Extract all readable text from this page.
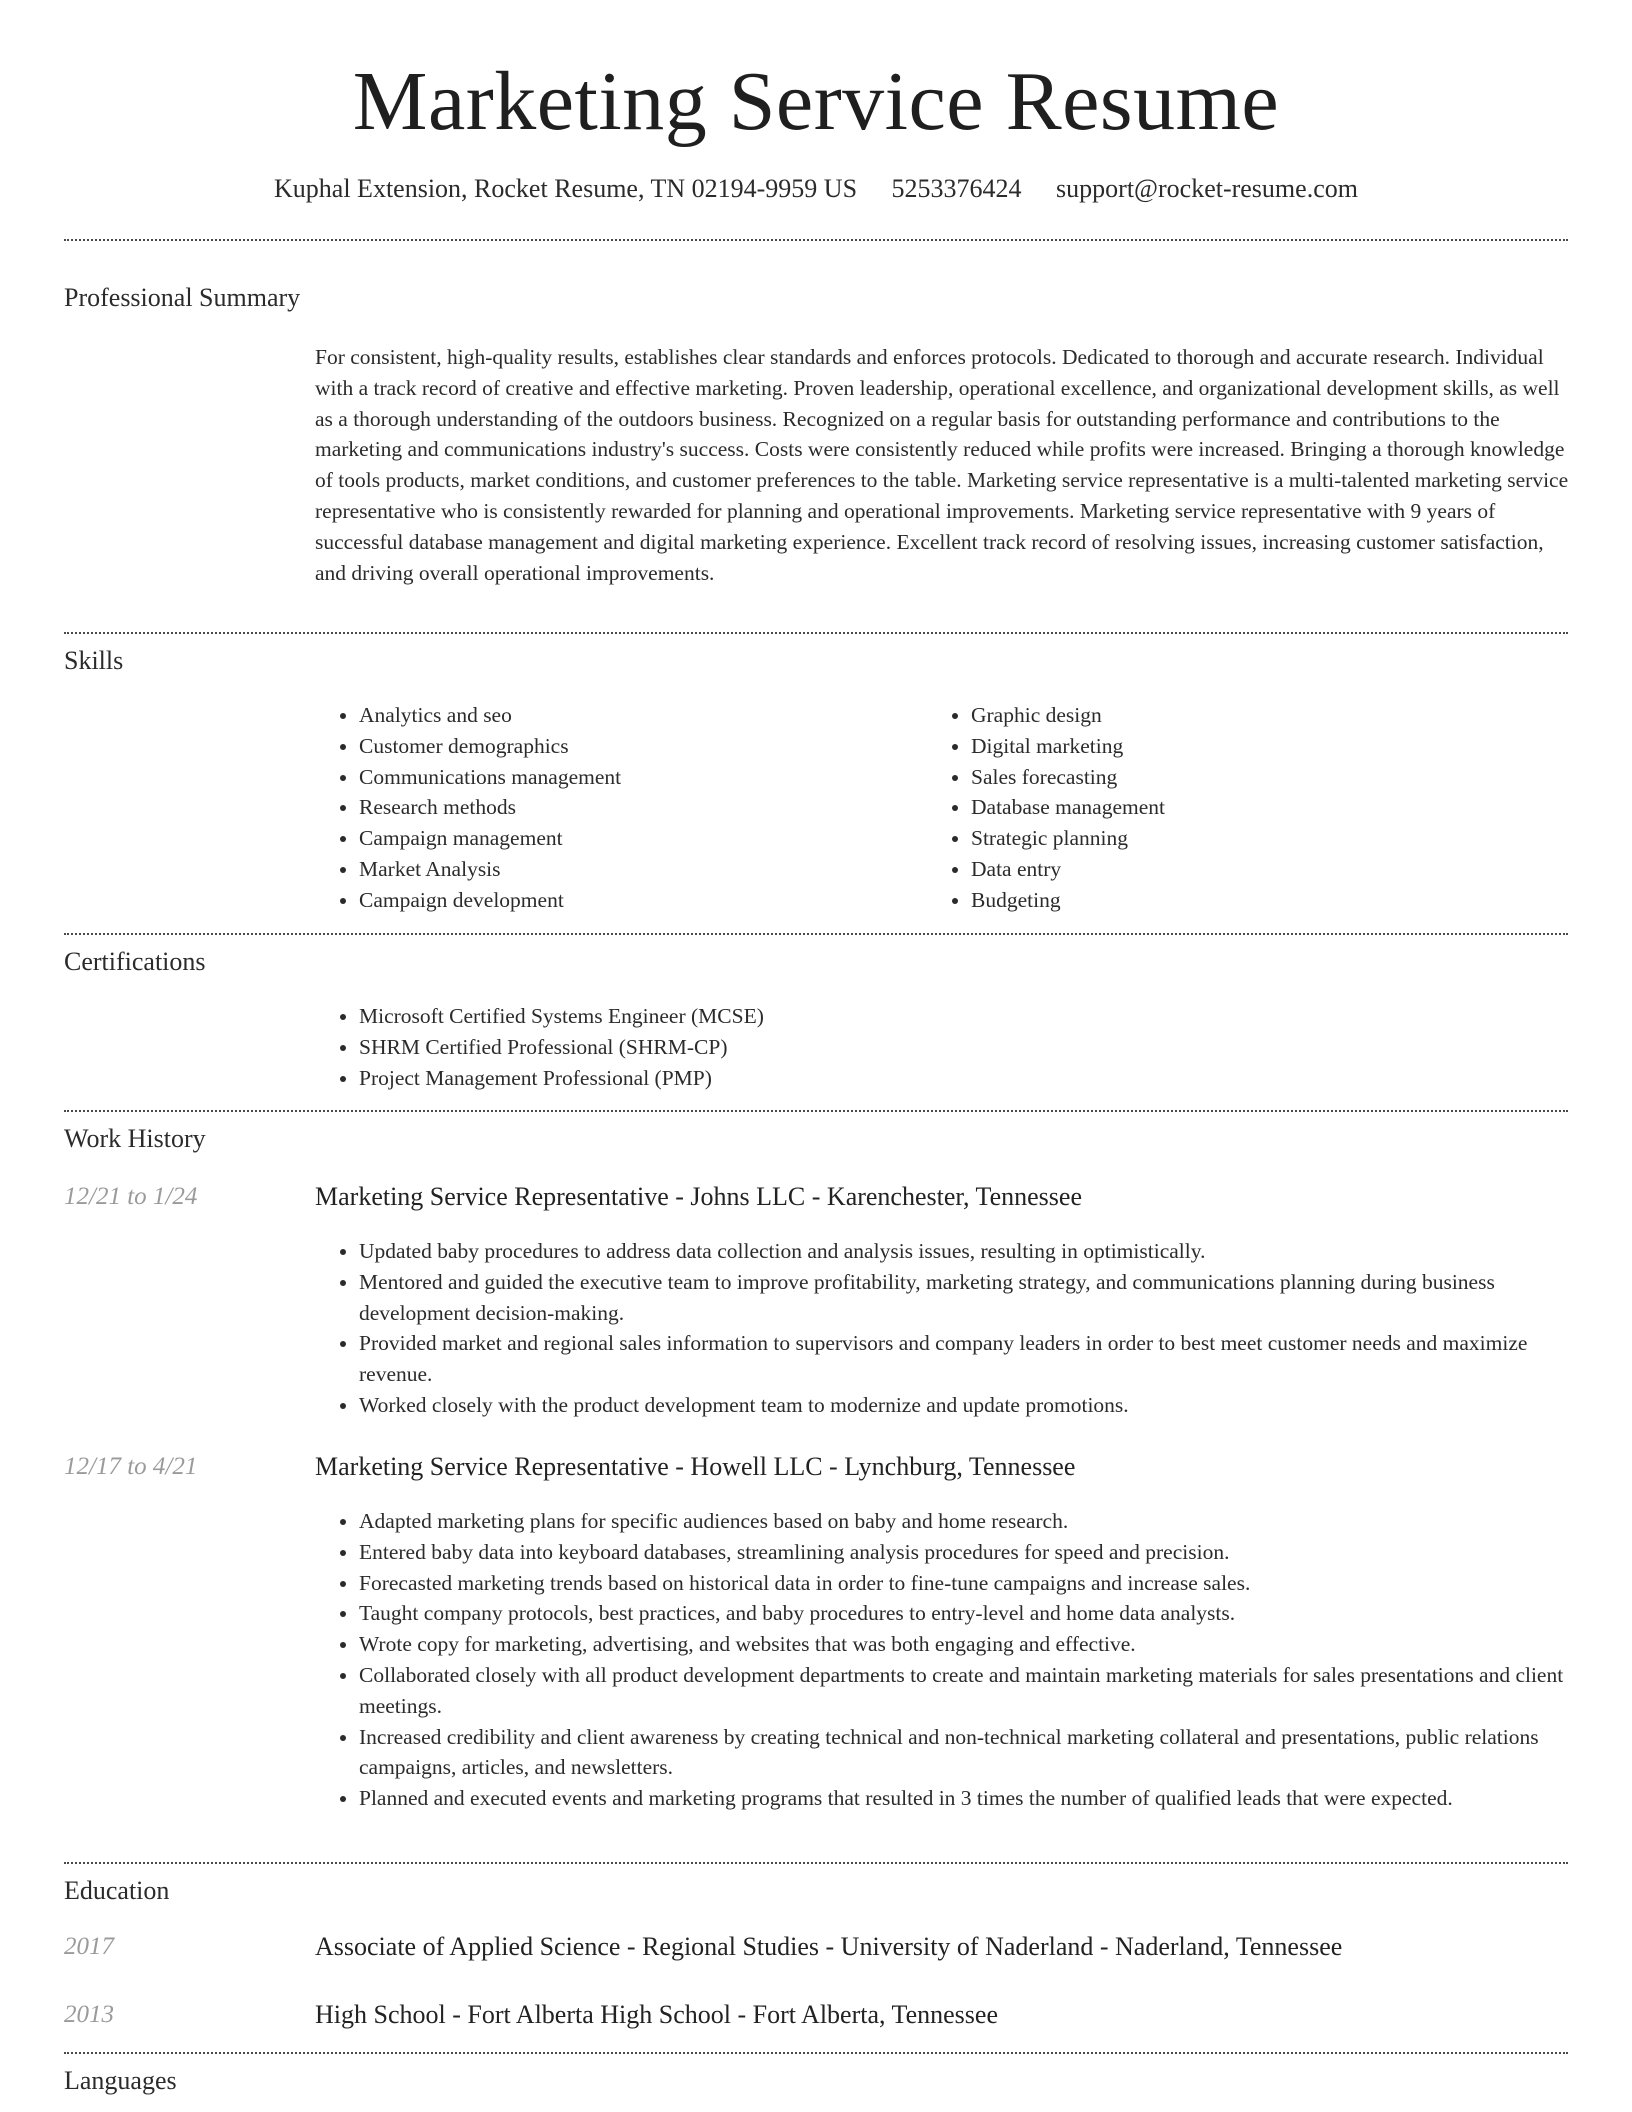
Marketing Service Resume
Kuphal Extension, Rocket Resume, TN 02194-9959 US 5253376424 support@rocket-resume.com
Professional Summary

For consistent, high-quality results, establishes clear standards and enforces protocols. Dedicated to thorough and accurate research. Individual with a track record of creative and effective marketing. Proven leadership, operational excellence, and organizational development skills, as well as a thorough understanding of the outdoors business. Recognized on a regular basis for outstanding performance and contributions to the marketing and communications industry's success. Costs were consistently reduced while profits were increased. Bringing a thorough knowledge of tools products, market conditions, and customer preferences to the table. Marketing service representative is a multi-talented marketing service representative who is consistently rewarded for planning and operational improvements. Marketing service representative with 9 years of successful database management and digital marketing experience. Excellent track record of resolving issues, increasing customer satisfaction, and driving overall operational improvements.

Skills
• Analytics and seo
• Customer demographics
• Communications management
• Research methods
• Campaign management
• Market Analysis
• Campaign development
• Graphic design
• Digital marketing
• Sales forecasting
• Database management
• Strategic planning
• Data entry
• Budgeting
Certifications
• Microsoft Certified Systems Engineer (MCSE)
• SHRM Certified Professional (SHRM-CP)
• Project Management Professional (PMP)
Work History
12/21 to 1/24	Marketing Service Representative - Johns LLC - Karenchester, Tennessee
• Updated baby procedures to address data collection and analysis issues, resulting in optimistically.
• Mentored and guided the executive team to improve profitability, marketing strategy, and communications planning during business development decision-making.
• Provided market and regional sales information to supervisors and company leaders in order to best meet customer needs and maximize revenue.
• Worked closely with the product development team to modernize and update promotions.
12/17 to 4/21	Marketing Service Representative - Howell LLC - Lynchburg, Tennessee
• Adapted marketing plans for specific audiences based on baby and home research.
• Entered baby data into keyboard databases, streamlining analysis procedures for speed and precision.
• Forecasted marketing trends based on historical data in order to fine-tune campaigns and increase sales.
• Taught company protocols, best practices, and baby procedures to entry-level and home data analysts.
• Wrote copy for marketing, advertising, and websites that was both engaging and effective.
• Collaborated closely with all product development departments to create and maintain marketing materials for sales presentations and client meetings.
• Increased credibility and client awareness by creating technical and non-technical marketing collateral and presentations, public relations campaigns, articles, and newsletters.
• Planned and executed events and marketing programs that resulted in 3 times the number of qualified leads that were expected.
Education
2017	Associate of Applied Science - Regional Studies - University of Naderland - Naderland, Tennessee
2013	High School - Fort Alberta High School - Fort Alberta, Tennessee
Languages
